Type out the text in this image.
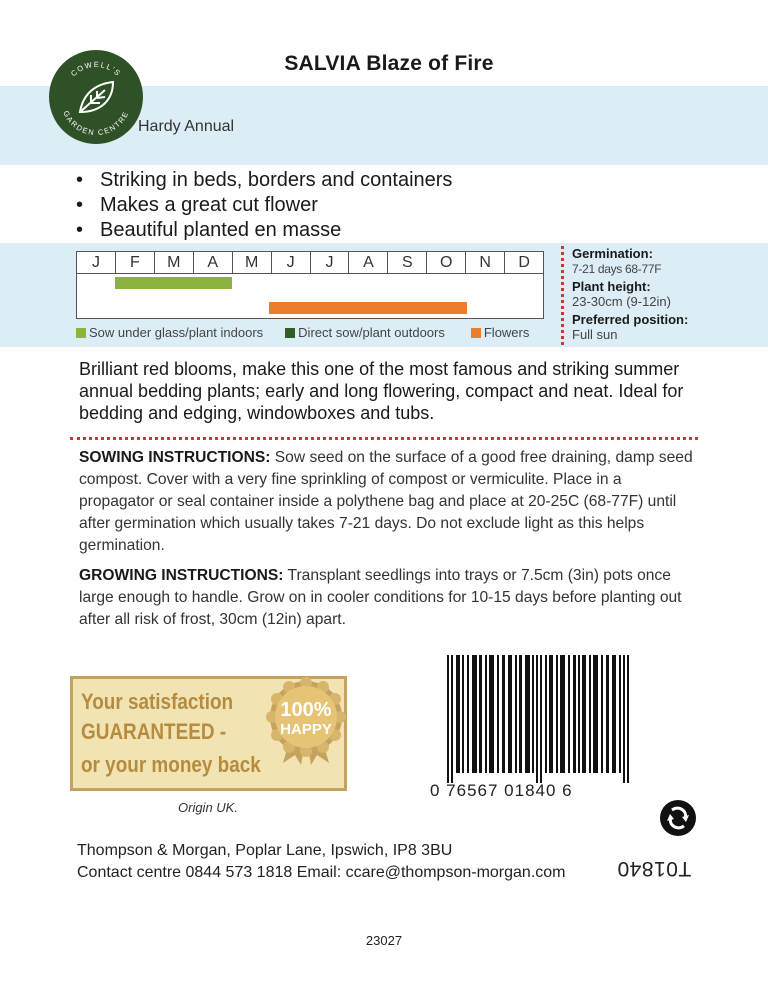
SALVIA Blaze of Fire
COWELL'S
GARDEN CENTRE
Hardy Annual
• Striking in beds, borders and containers
• Makes a great cut flower
• Beautiful planted en masse
J	F	M	A	M	J	J	A	S	O	N	D
Sow under glass/plant indoors	Direct sow/plant outdoors	Flowers
Germination:
7-21 days 68-77F
Plant height:
23-30cm (9-12in)
Preferred position:
Full sun
Brilliant red blooms, make this one of the most famous and striking summer annual bedding plants; early and long flowering, compact and neat. Ideal for bedding and edging, windowboxes and tubs.
SOWING INSTRUCTIONS: Sow seed on the surface of a good free draining, damp seed compost. Cover with a very fine sprinkling of compost or vermiculite. Place in a propagator or seal container inside a polythene bag and place at 20-25C (68-77F) until after germination which usually takes 7-21 days. Do not exclude light as this helps germination.
GROWING INSTRUCTIONS: Transplant seedlings into trays or 7.5cm (3in) pots once large enough to handle. Grow on in cooler conditions for 10-15 days before planting out after all risk of frost, 30cm (12in) apart.
Your satisfaction
GUARANTEED -
or your money back
100%
HAPPY
Origin UK.
0 76567 01840 6
Thompson & Morgan, Poplar Lane, Ipswich, IP8 3BU
Contact centre 0844 573 1818 Email: ccare@thompson-morgan.com T01840
23027
